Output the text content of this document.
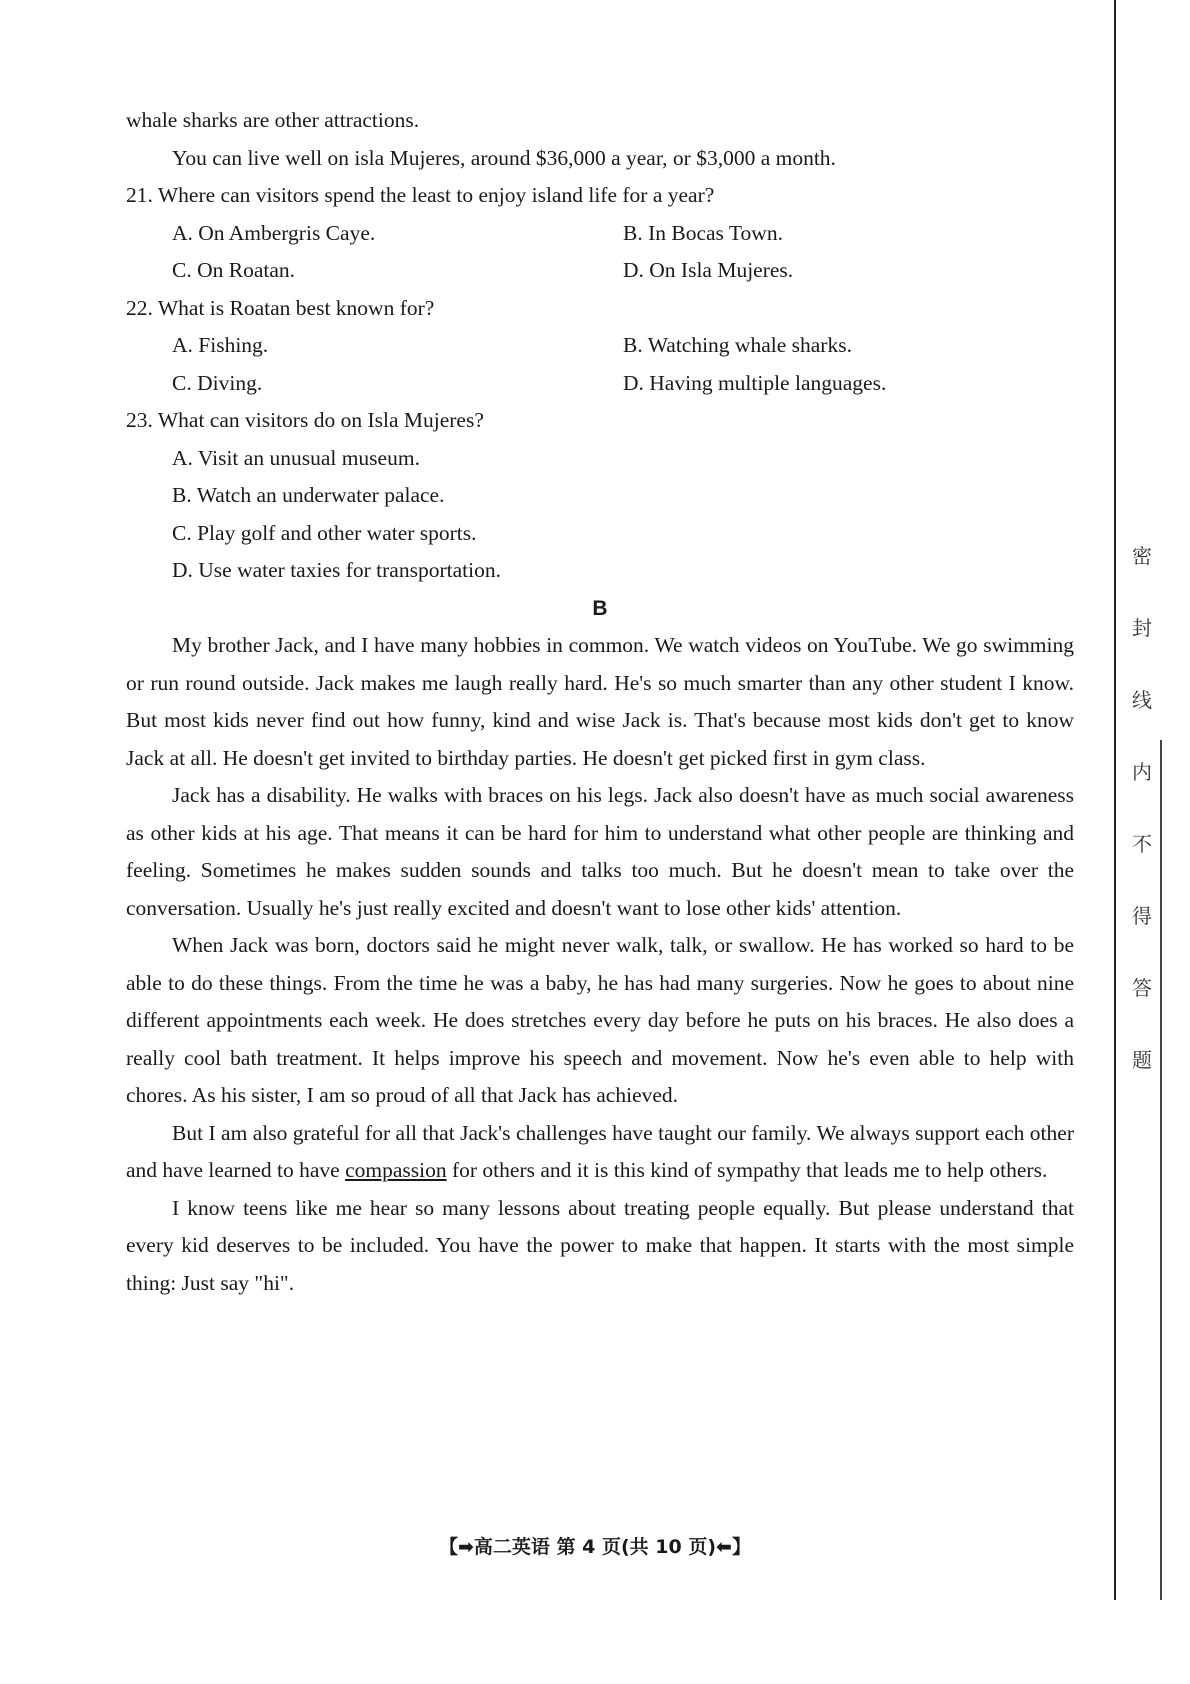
whale sharks are other attractions.
You can live well on isla Mujeres, around $36,000 a year, or $3,000 a month.
21. Where can visitors spend the least to enjoy island life for a year?
A. On Ambergris Caye.	B. In Bocas Town.
C. On Roatan.	D. On Isla Mujeres.
22. What is Roatan best known for?
A. Fishing.	B. Watching whale sharks.
C. Diving.	D. Having multiple languages.
23. What can visitors do on Isla Mujeres?
A. Visit an unusual museum.
B. Watch an underwater palace.
C. Play golf and other water sports.
D. Use water taxies for transportation.
B
My brother Jack, and I have many hobbies in common. We watch videos on YouTube. We go swimming or run round outside. Jack makes me laugh really hard. He's so much smarter than any other student I know. But most kids never find out how funny, kind and wise Jack is. That's because most kids don't get to know Jack at all. He doesn't get invited to birthday parties. He doesn't get picked first in gym class.
Jack has a disability. He walks with braces on his legs. Jack also doesn't have as much social awareness as other kids at his age. That means it can be hard for him to understand what other people are thinking and feeling. Sometimes he makes sudden sounds and talks too much. But he doesn't mean to take over the conversation. Usually he's just really excited and doesn't want to lose other kids' attention.
When Jack was born, doctors said he might never walk, talk, or swallow. He has worked so hard to be able to do these things. From the time he was a baby, he has had many surgeries. Now he goes to about nine different appointments each week. He does stretches every day before he puts on his braces. He also does a really cool bath treatment. It helps improve his speech and movement. Now he's even able to help with chores. As his sister, I am so proud of all that Jack has achieved.
But I am also grateful for all that Jack's challenges have taught our family. We always support each other and have learned to have compassion for others and it is this kind of sympathy that leads me to help others.
I know teens like me hear so many lessons about treating people equally. But please understand that every kid deserves to be included. You have the power to make that happen. It starts with the most simple thing: Just say "hi".
【➡高二英语 第 4 页(共 10 页)⬅】
密
封
线
内
不
得
答
题
